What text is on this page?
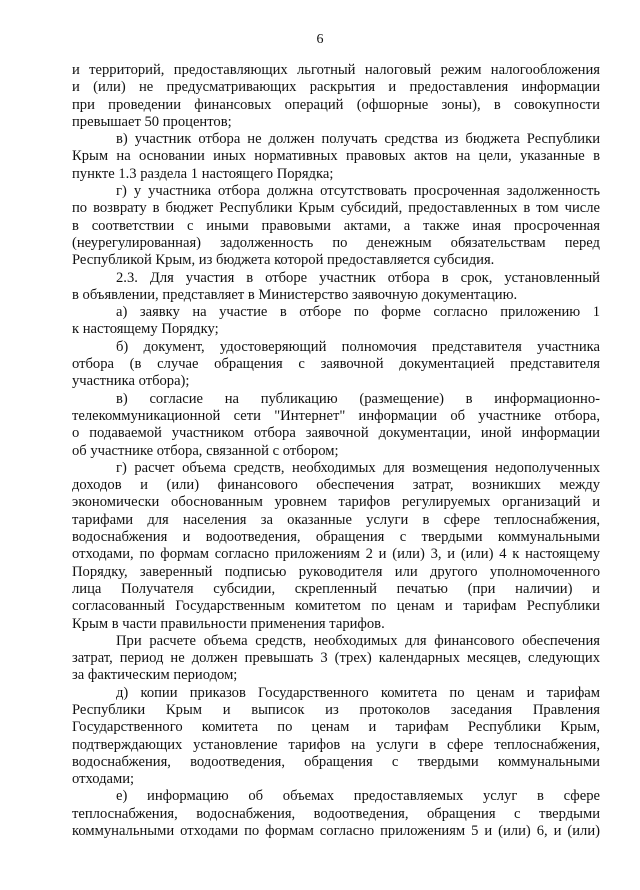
6
и территорий, предоставляющих льготный налоговый режим налогообложения
и (или) не предусматривающих раскрытия и предоставления информации
при проведении финансовых операций (офшорные зоны), в совокупности
превышает 50 процентов;
в) участник отбора не должен получать средства из бюджета Республики
Крым на основании иных нормативных правовых актов на цели, указанные в
пункте 1.3 раздела 1 настоящего Порядка;
г) у участника отбора должна отсутствовать просроченная задолженность
по возврату в бюджет Республики Крым субсидий, предоставленных в том числе
в соответствии с иными правовыми актами, а также иная просроченная
(неурегулированная) задолженность по денежным обязательствам перед
Республикой Крым, из бюджета которой предоставляется субсидия.
2.3. Для участия в отборе участник отбора в срок, установленный
в объявлении, представляет в Министерство заявочную документацию.
а) заявку на участие в отборе по форме согласно приложению 1
к настоящему Порядку;
б) документ, удостоверяющий полномочия представителя участника
отбора (в случае обращения с заявочной документацией представителя
участника отбора);
в) согласие на публикацию (размещение) в информационно-
телекоммуникационной сети "Интернет" информации об участнике отбора,
о подаваемой участником отбора заявочной документации, иной информации
об участнике отбора, связанной с отбором;
г) расчет объема средств, необходимых для возмещения недополученных
доходов и (или) финансового обеспечения затрат, возникших между
экономически обоснованным уровнем тарифов регулируемых организаций и
тарифами для населения за оказанные услуги в сфере теплоснабжения,
водоснабжения и водоотведения, обращения с твердыми коммунальными
отходами, по формам согласно приложениям 2 и (или) 3, и (или) 4 к настоящему
Порядку, заверенный подписью руководителя или другого уполномоченного
лица Получателя субсидии, скрепленный печатью (при наличии) и
согласованный Государственным комитетом по ценам и тарифам Республики
Крым в части правильности применения тарифов.
При расчете объема средств, необходимых для финансового обеспечения
затрат, период не должен превышать 3 (трех) календарных месяцев, следующих
за фактическим периодом;
д) копии приказов Государственного комитета по ценам и тарифам
Республики Крым и выписок из протоколов заседания Правления
Государственного комитета по ценам и тарифам Республики Крым,
подтверждающих установление тарифов на услуги в сфере теплоснабжения,
водоснабжения, водоотведения, обращения с твердыми коммунальными
отходами;
е) информацию об объемах предоставляемых услуг в сфере
теплоснабжения, водоснабжения, водоотведения, обращения с твердыми
коммунальными отходами по формам согласно приложениям 5 и (или) 6, и (или)
